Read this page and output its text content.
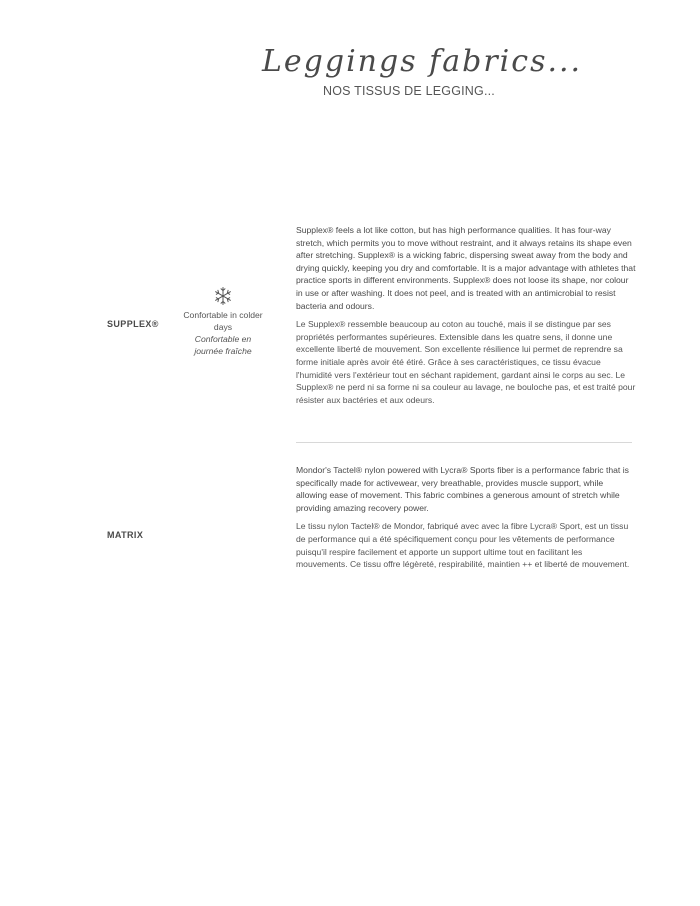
Leggings fabrics...
NOS TISSUS DE LEGGING...
SUPPLEX®
Confortable in colder days
Confortable en journée fraîche

Supplex® feels a lot like cotton, but has high performance qualities. It has four-way stretch, which permits you to move without restraint, and it always retains its shape even after stretching. Supplex® is a wicking fabric, dispersing sweat away from the body and drying quickly, keeping you dry and comfortable. It is a major advantage with athletes that practice sports in different environments. Supplex® does not loose its shape, nor colour in use or after washing. It does not peel, and is treated with an antimicrobial to resist bacteria and odours.

Le Supplex® ressemble beaucoup au coton au touché, mais il se distingue par ses propriétés performantes supérieures. Extensible dans les quatre sens, il donne une excellente liberté de mouvement. Son excellente résilience lui permet de reprendre sa forme initiale après avoir été étiré. Grâce à ses caractéristiques, ce tissu évacue l'humidité vers l'extérieur tout en séchant rapidement, gardant ainsi le corps au sec. Le Supplex® ne perd ni sa forme ni sa couleur au lavage, ne bouloche pas, et est traité pour résister aux bactéries et aux odeurs.

MATRIX

Mondor's Tactel® nylon powered with Lycra® Sports fiber is a performance fabric that is specifically made for activewear, very breathable, provides muscle support, while allowing ease of movement. This fabric combines a generous amount of stretch while providing amazing recovery power.

Le tissu nylon Tactel® de Mondor, fabriqué avec avec la fibre Lycra® Sport, est un tissu de performance qui a été spécifiquement conçu pour les vêtements de performance puisqu'il respire facilement et apporte un support ultime tout en facilitant les mouvements. Ce tissu offre légèreté, respirabilité, maintien ++ et liberté de mouvement.
